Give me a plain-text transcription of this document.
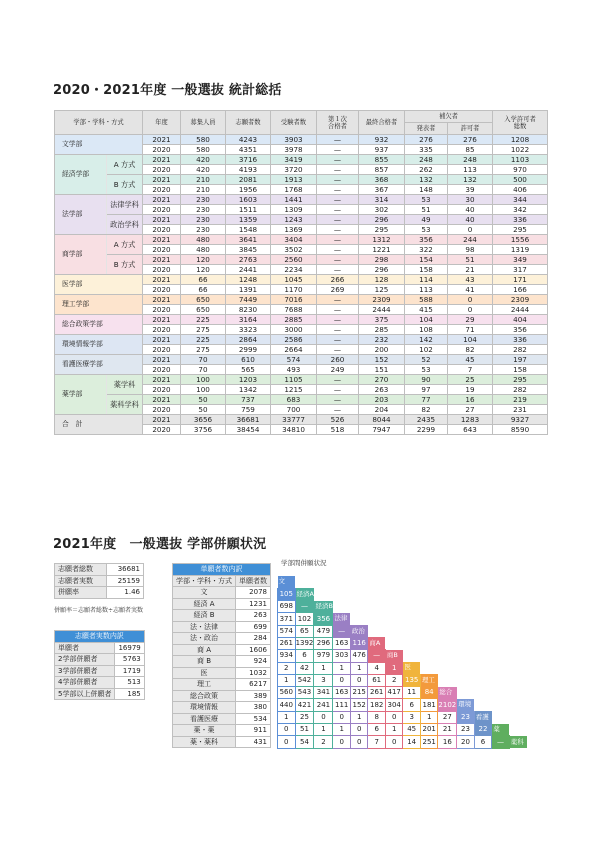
2020・2021年度 一般選抜 統計総括
学部・学科・方式		年度	募集人員	志願者数	受験者数	第１次
合格者	最終合格者	補欠者		入学許可者
総数
								発表者	許可者	
文学部		2021	580	4243	3903	—	932	276	276	1208
		2020	580	4351	3978	—	937	335	85	1022
経済学部	A 方式	2021	420	3716	3419	—	855	248	248	1103
		2020	420	4193	3720	—	857	262	113	970
	B 方式	2021	210	2081	1913	—	368	132	132	500
		2020	210	1956	1768	—	367	148	39	406
法学部	法律学科	2021	230	1603	1441	—	314	53	30	344
		2020	230	1511	1309	—	302	51	40	342
	政治学科	2021	230	1359	1243	—	296	49	40	336
		2020	230	1548	1369	—	295	53	0	295
商学部	A 方式	2021	480	3641	3404	—	1312	356	244	1556
		2020	480	3845	3502	—	1221	322	98	1319
	B 方式	2021	120	2763	2560	—	298	154	51	349
		2020	120	2441	2234	—	296	158	21	317
医学部		2021	66	1248	1045	266	128	114	43	171
		2020	66	1391	1170	269	125	113	41	166
理工学部		2021	650	7449	7016	—	2309	588	0	2309
		2020	650	8230	7688	—	2444	415	0	2444
総合政策学部		2021	225	3164	2885	—	375	104	29	404
		2020	275	3323	3000	—	285	108	71	356
環境情報学部		2021	225	2864	2586	—	232	142	104	336
		2020	275	2999	2664	—	200	102	82	282
看護医療学部		2021	70	610	574	260	152	52	45	197
		2020	70	565	493	249	151	53	7	158
薬学部	薬学科	2021	100	1203	1105	—	270	90	25	295
		2020	100	1342	1215	—	263	97	19	282
	薬科学科	2021	50	737	683	—	203	77	16	219
		2020	50	759	700	—	204	82	27	231
合　計		2021	3656	36681	33777	526	8044	2435	1283	9327
		2020	3756	38454	34810	518	7947	2299	643	8590
2021年度　一般選抜 学部併願状況
志願者総数	36681
志願者実数	25159
併願率	1.46
併願率＝志願者総数÷志願者実数
志願者実数内訳	
単願者	16979
2学部併願者	5763
3学部併願者	1719
4学部併願者	513
5学部以上併願者	185
単願者数内訳	
学部・学科・方式	単願者数
文	2078
経済 A	1231
経済 B	263
法・法律	699
法・政治	284
商 A	1606
商 B	924
医	1032
理工	6217
総合政策	389
環境情報	380
看護医療	534
薬・薬	911
薬・薬科	431
学部間併願状況
文													
105	経済A												
698	—	経済B											
371	102	356	法律										
574	65	479	—	政治									
261	1392	296	163	116	商A								
934	6	979	303	476	—	商B							
2	42	1	1	1	4	1	医						
1	542	3	0	0	61	2	135	理工					
560	543	341	163	215	261	417	11	84	総合				
440	421	241	111	152	182	304	6	181	2102	環境			
1	25	0	0	1	8	0	3	1	27	23	看護		
0	51	1	1	0	6	1	45	201	21	23	22	薬	
0	54	2	0	0	7	0	14	251	16	20	6	—	薬科
